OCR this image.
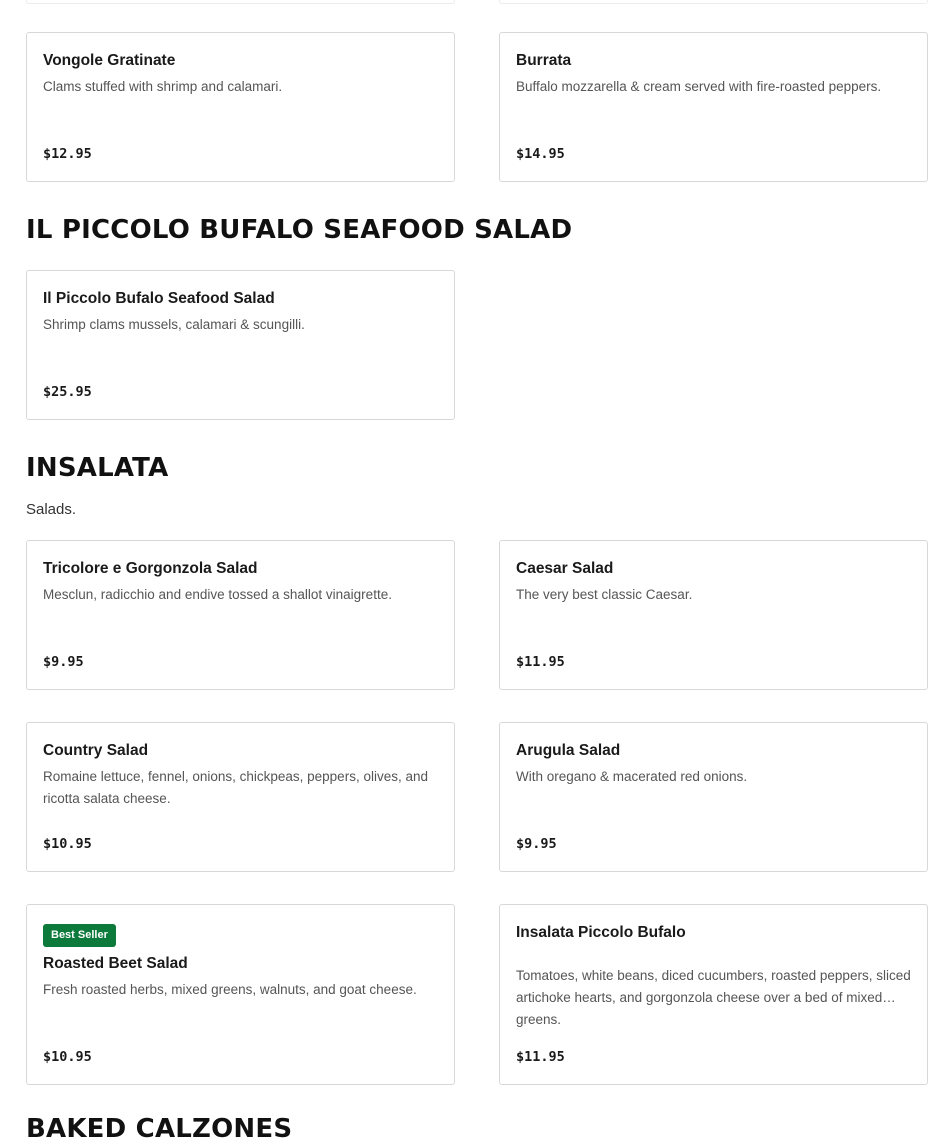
Vongole Gratinate
Clams stuffed with shrimp and calamari.
$12.95
Burrata
Buffalo mozzarella & cream served with fire-roasted peppers.
$14.95
IL PICCOLO BUFALO SEAFOOD SALAD
Il Piccolo Bufalo Seafood Salad
Shrimp clams mussels, calamari & scungilli.
$25.95
INSALATA

Salads.

Tricolore e Gorgonzola Salad
Mesclun, radicchio and endive tossed a shallot vinaigrette.
$9.95
Caesar Salad
The very best classic Caesar.
$11.95
Country Salad
Romaine lettuce, fennel, onions, chickpeas, peppers, olives, and ricotta salata cheese.
$10.95
Arugula Salad
With oregano & macerated red onions.
$9.95
Best Seller
Roasted Beet Salad
Fresh roasted herbs, mixed greens, walnuts, and goat cheese.
$10.95
Insalata Piccolo Bufalo
Tomatoes, white beans, diced cucumbers, roasted peppers, sliced artichoke hearts, and gorgonzola cheese over a bed of mixed greens.
$11.95
BAKED CALZONES
